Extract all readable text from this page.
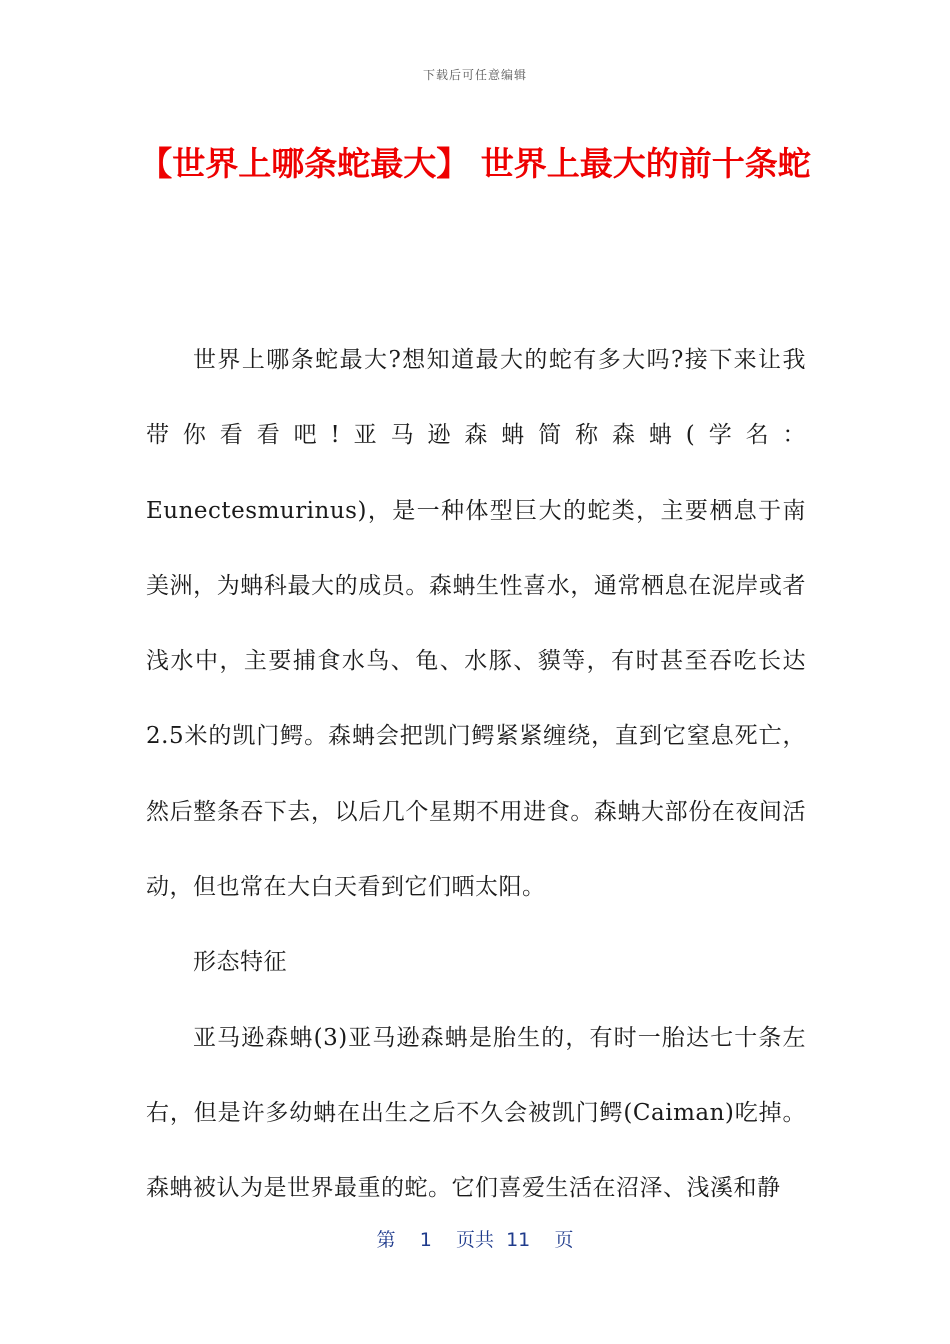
下载后可任意编辑
【世界上哪条蛇最大】 世界上最大的前十条蛇

世界上哪条蛇最大?想知道最大的蛇有多大吗?接下来让我带你看看吧!亚马逊森蚺简称森蚺(学名：Eunectesmurinus)，是一种体型巨大的蛇类，主要栖息于南美洲，为蚺科最大的成员。森蚺生性喜水，通常栖息在泥岸或者浅水中，主要捕食水鸟、龟、水豚、貘等，有时甚至吞吃长达2.5米的凯门鳄。森蚺会把凯门鳄紧紧缠绕，直到它窒息死亡，然后整条吞下去，以后几个星期不用进食。森蚺大部份在夜间活动，但也常在大白天看到它们晒太阳。

形态特征

亚马逊森蚺(3)亚马逊森蚺是胎生的，有时一胎达七十条左右，但是许多幼蚺在出生之后不久会被凯门鳄(Caiman)吃掉。森蚺被认为是世界最重的蛇。它们喜爱生活在沼泽、浅溪和静

第 1 页共 11 页
